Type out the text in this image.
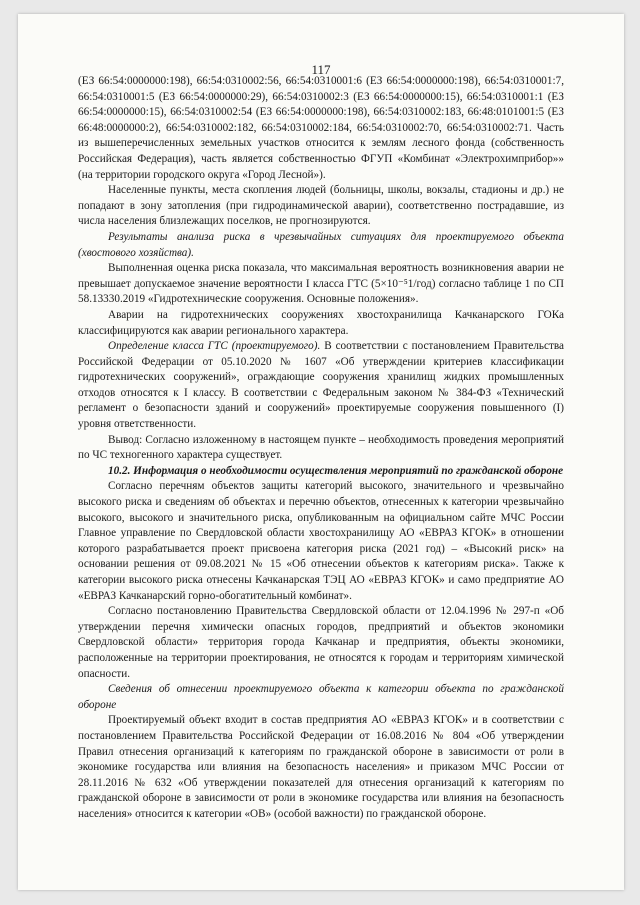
117

(ЕЗ 66:54:0000000:198), 66:54:0310002:56, 66:54:0310001:6 (ЕЗ 66:54:0000000:198), 66:54:0310001:7, 66:54:0310001:5 (ЕЗ 66:54:0000000:29), 66:54:0310002:3 (ЕЗ 66:54:0000000:15), 66:54:0310001:1 (ЕЗ 66:54:0000000:15), 66:54:0310002:54 (ЕЗ 66:54:0000000:198), 66:54:0310002:183, 66:48:0101001:5 (ЕЗ 66:48:0000000:2), 66:54:0310002:182, 66:54:0310002:184, 66:54:0310002:70, 66:54:0310002:71. Часть из вышеперечисленных земельных участков относится к землям лесного фонда (собственность Российская Федерация), часть является собственностью ФГУП «Комбинат «Электрохимприбор»» (на территории городского округа «Город Лесной»).

Населенные пункты, места скопления людей (больницы, школы, вокзалы, стадионы и др.) не попадают в зону затопления (при гидродинамической аварии), соответственно пострадавшие, из числа населения близлежащих поселков, не прогнозируются.

Результаты анализа риска в чрезвычайных ситуациях для проектируемого объекта (хвостового хозяйства).

Выполненная оценка риска показала, что максимальная вероятность возникновения аварии не превышает допускаемое значение вероятности I класса ГТС (5×10⁻⁵1/год) согласно таблице 1 по СП 58.13330.2019 «Гидротехнические сооружения. Основные положения».

Аварии на гидротехнических сооружениях хвостохранилища Качканарского ГОКа классифицируются как аварии регионального характера.

Определение класса ГТС (проектируемого). В соответствии с постановлением Правительства Российской Федерации от 05.10.2020 № 1607 «Об утверждении критериев классификации гидротехнических сооружений», ограждающие сооружения хранилищ жидких промышленных отходов относятся к I классу. В соответствии с Федеральным законом № 384-ФЗ «Технический регламент о безопасности зданий и сооружений» проектируемые сооружения повышенного (I) уровня ответственности.

Вывод: Согласно изложенному в настоящем пункте – необходимость проведения мероприятий по ЧС техногенного характера существует.

10.2. Информация о необходимости осуществления мероприятий по гражданской обороне

Согласно перечням объектов защиты категорий высокого, значительного и чрезвычайно высокого риска и сведениям об объектах и перечню объектов, отнесенных к категории чрезвычайно высокого, высокого и значительного риска, опубликованным на официальном сайте МЧС России Главное управление по Свердловской области хвостохранилищу АО «ЕВРАЗ КГОК» в отношении которого разрабатывается проект присвоена категория риска (2021 год) – «Высокий риск» на основании решения от 09.08.2021 № 15 «Об отнесении объектов к категориям риска». Также к категории высокого риска отнесены Качканарская ТЭЦ АО «ЕВРАЗ КГОК» и само предприятие АО «ЕВРАЗ Качканарский горно-обогатительный комбинат».

Согласно постановлению Правительства Свердловской области от 12.04.1996 № 297-п «Об утверждении перечня химически опасных городов, предприятий и объектов экономики Свердловской области» территория города Качканар и предприятия, объекты экономики, расположенные на территории проектирования, не относятся к городам и территориям химической опасности.

Сведения об отнесении проектируемого объекта к категории объекта по гражданской обороне

Проектируемый объект входит в состав предприятия АО «ЕВРАЗ КГОК» и в соответствии с постановлением Правительства Российской Федерации от 16.08.2016 № 804 «Об утверждении Правил отнесения организаций к категориям по гражданской обороне в зависимости от роли в экономике государства или влияния на безопасность населения» и приказом МЧС России от 28.11.2016 № 632 «Об утверждении показателей для отнесения организаций к категориям по гражданской обороне в зависимости от роли в экономике государства или влияния на безопасность населения» относится к категории «ОВ» (особой важности) по гражданской обороне.
